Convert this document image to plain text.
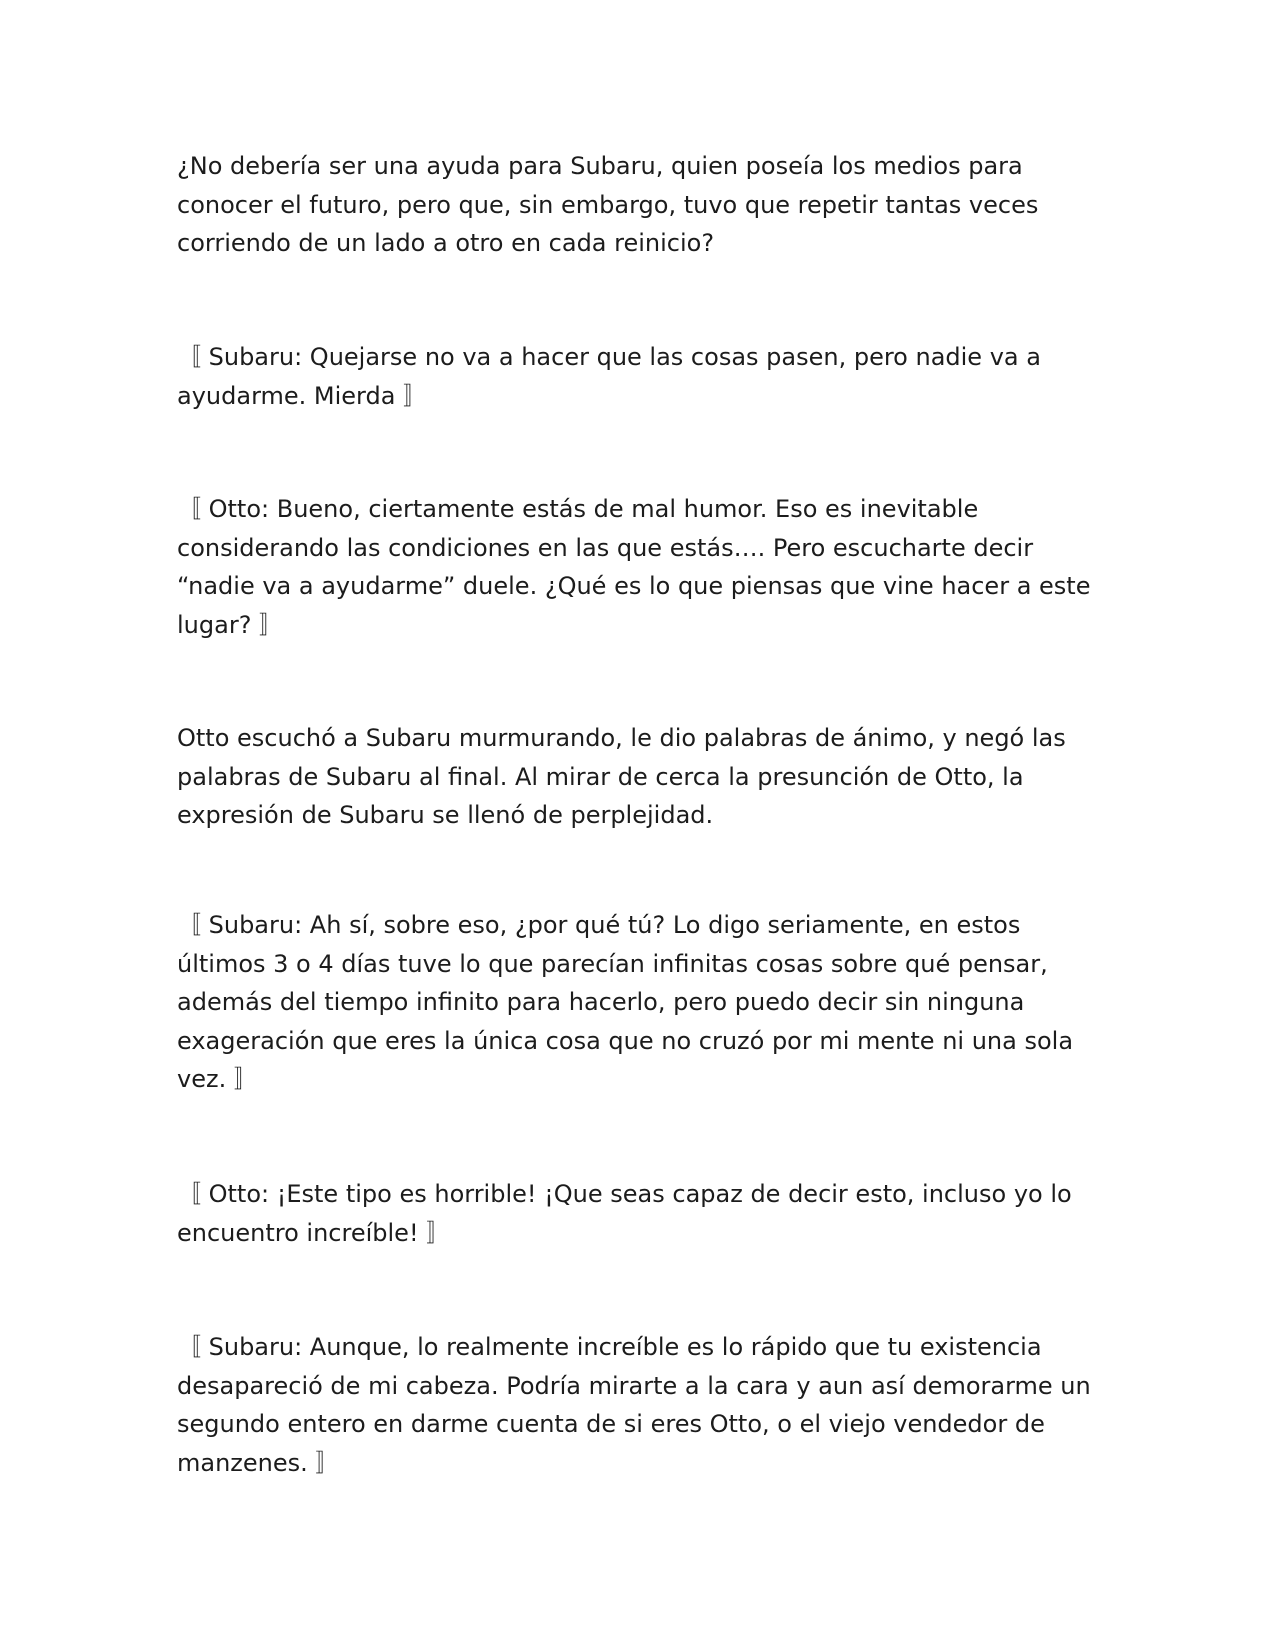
¿No debería ser una ayuda para Subaru, quien poseía los medios para conocer el futuro, pero que, sin embargo, tuvo que repetir tantas veces corriendo de un lado a otro en cada reinicio?

〚 Subaru: Quejarse no va a hacer que las cosas pasen, pero nadie va a ayudarme. Mierda 〛

〚 Otto: Bueno, ciertamente estás de mal humor. Eso es inevitable considerando las condiciones en las que estás…. Pero escucharte decir “nadie va a ayudarme” duele. ¿Qué es lo que piensas que vine hacer a este lugar? 〛

Otto escuchó a Subaru murmurando, le dio palabras de ánimo, y negó las palabras de Subaru al final. Al mirar de cerca la presunción de Otto, la expresión de Subaru se llenó de perplejidad.

〚 Subaru: Ah sí, sobre eso, ¿por qué tú? Lo digo seriamente, en estos últimos 3 o 4 días tuve lo que parecían infinitas cosas sobre qué pensar, además del tiempo infinito para hacerlo, pero puedo decir sin ninguna exageración que eres la única cosa que no cruzó por mi mente ni una sola vez. 〛

〚 Otto: ¡Este tipo es horrible! ¡Que seas capaz de decir esto, incluso yo lo encuentro increíble! 〛

〚 Subaru: Aunque, lo realmente increíble es lo rápido que tu existencia desapareció de mi cabeza. Podría mirarte a la cara y aun así demorarme un segundo entero en darme cuenta de si eres Otto, o el viejo vendedor de manzenes. 〛
